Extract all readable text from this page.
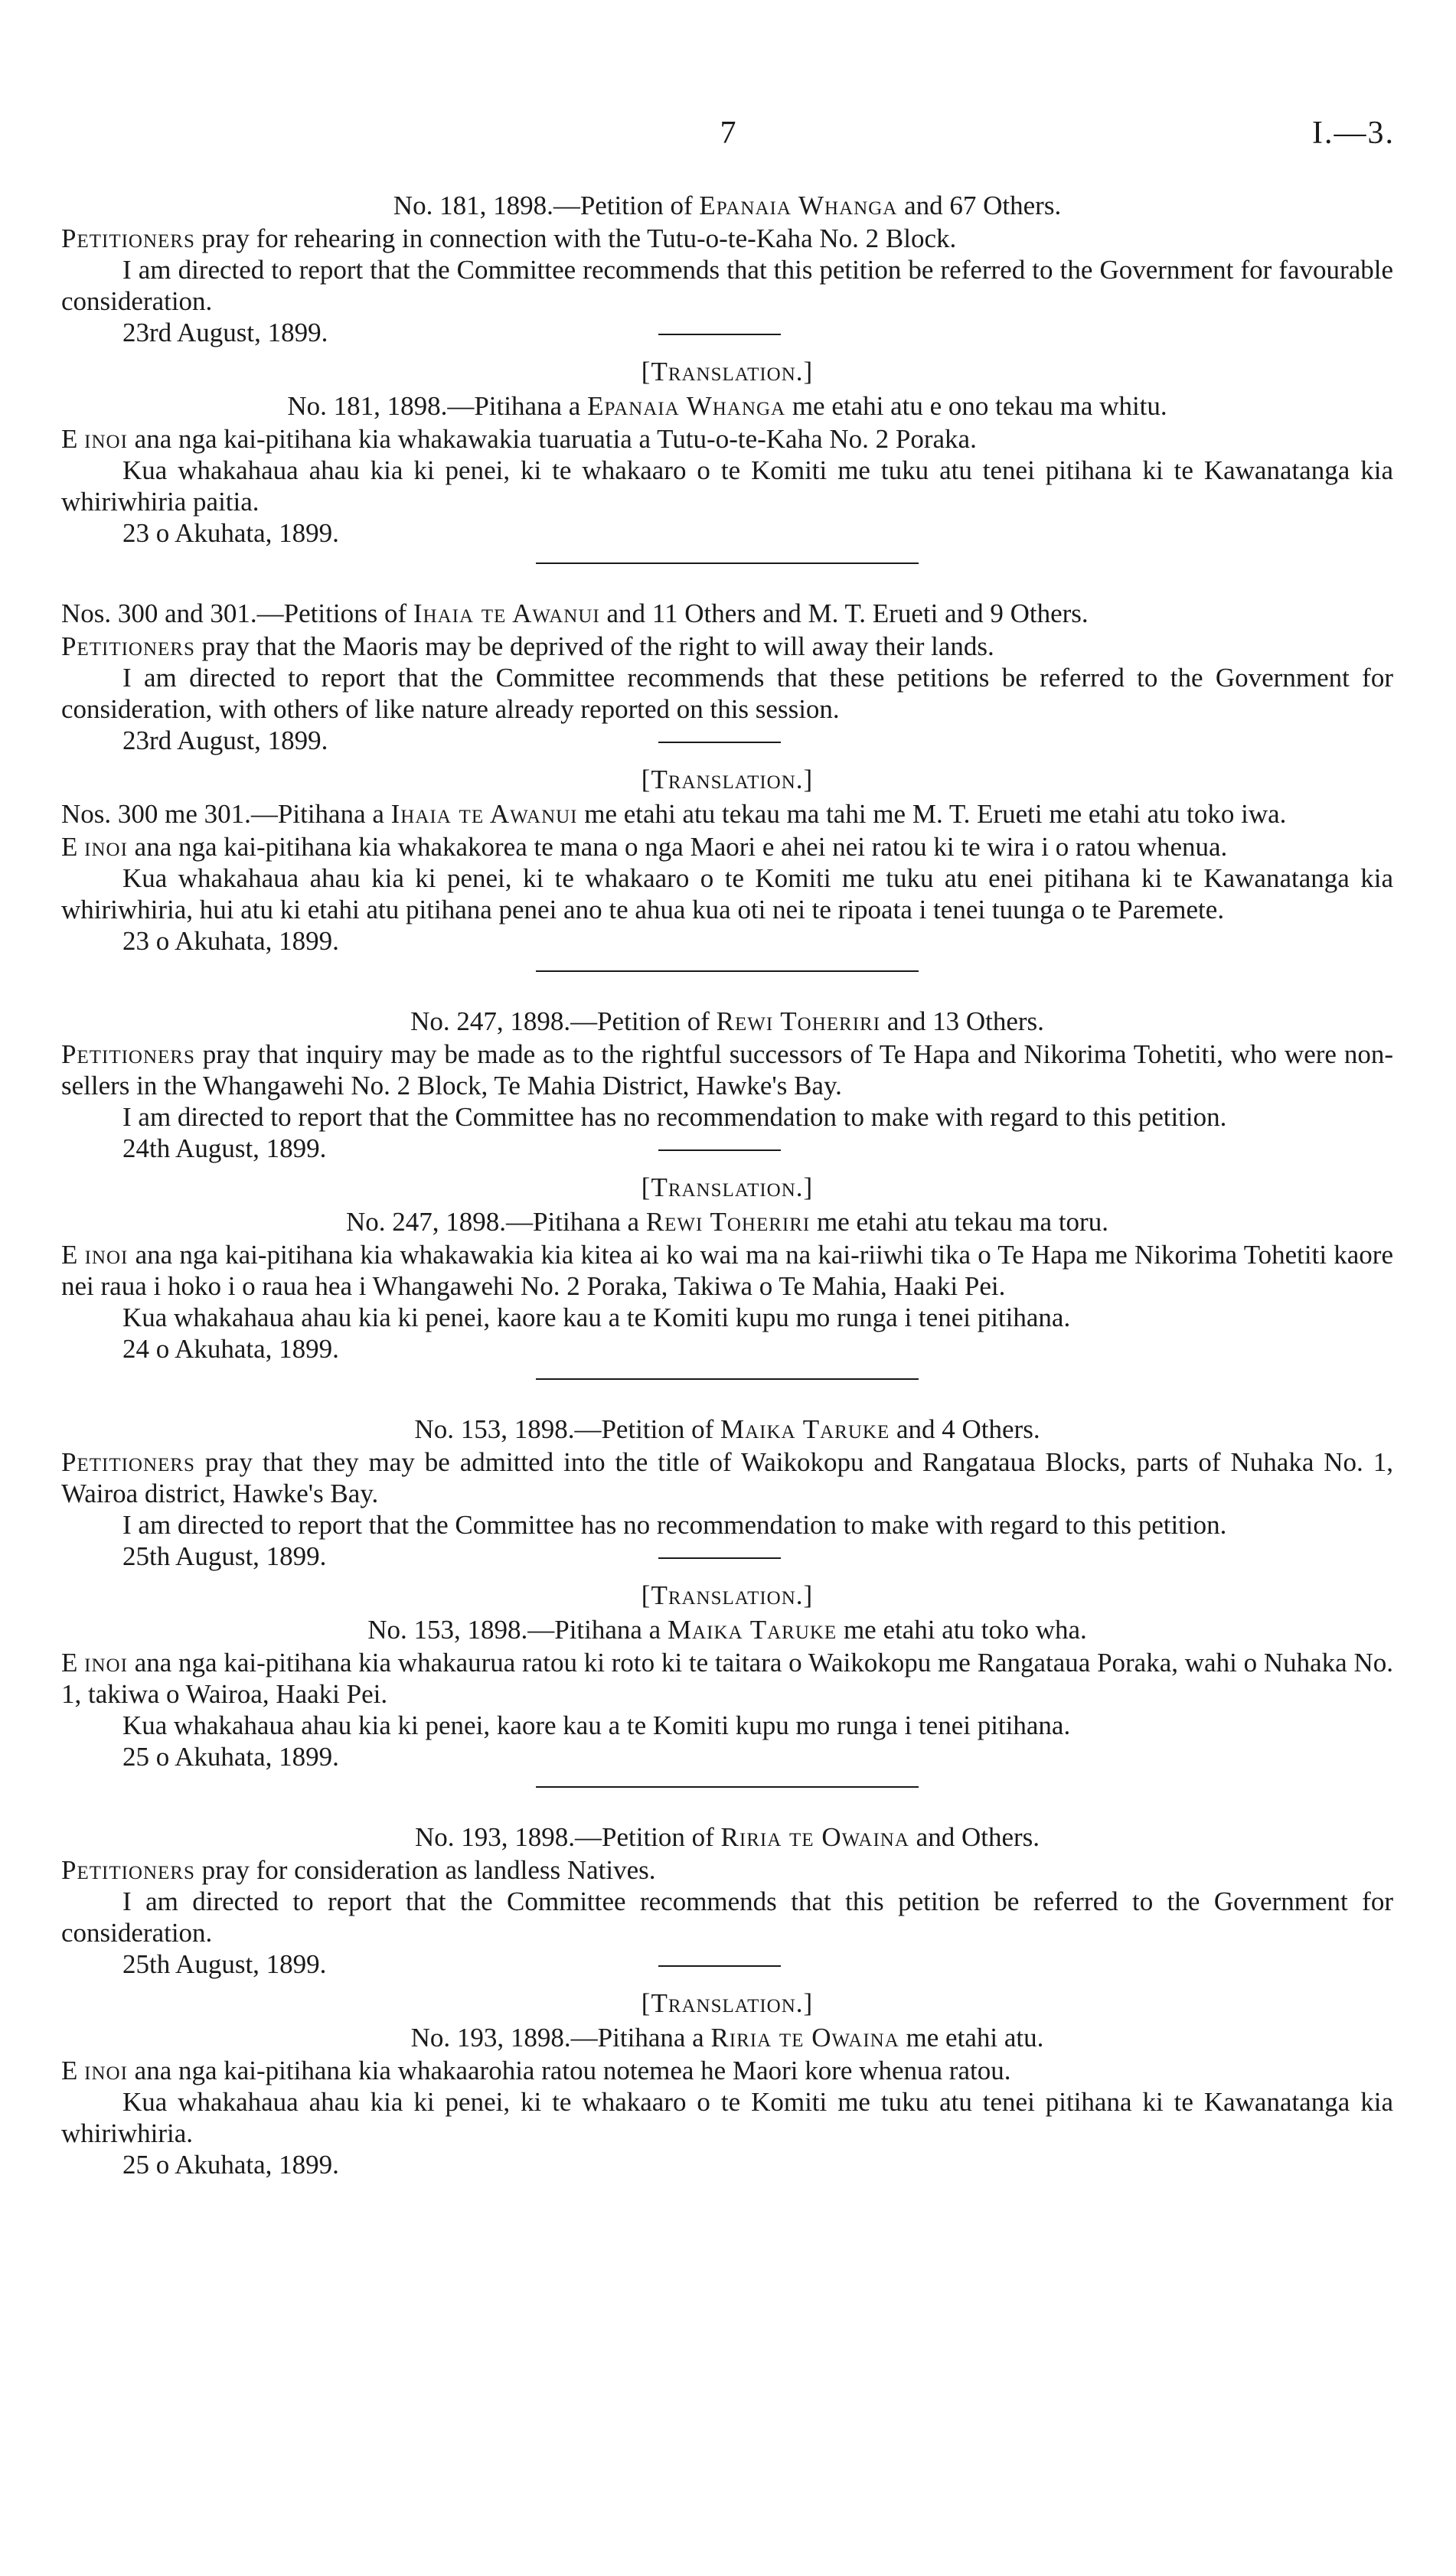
7	I.—3.

No. 181, 1898.—Petition of Epanaia Whanga and 67 Others.

Petitioners pray for rehearing in connection with the Tutu-o-te-Kaha No. 2 Block.

I am directed to report that the Committee recommends that this petition be referred to the Government for favourable consideration.

23rd August, 1899.

[Translation.]

No. 181, 1898.—Pitihana a Epanaia Whanga me etahi atu e ono tekau ma whitu.

E inoi ana nga kai-pitihana kia whakawakia tuaruatia a Tutu-o-te-Kaha No. 2 Poraka.

Kua whakahaua ahau kia ki penei, ki te whakaaro o te Komiti me tuku atu tenei pitihana ki te Kawanatanga kia whiriwhiria paitia.

23 o Akuhata, 1899.

Nos. 300 and 301.—Petitions of Ihaia te Awanui and 11 Others and M. T. Erueti and 9 Others.

Petitioners pray that the Maoris may be deprived of the right to will away their lands.

I am directed to report that the Committee recommends that these petitions be referred to the Government for consideration, with others of like nature already reported on this session.

23rd August, 1899.

[Translation.]

Nos. 300 me 301.—Pitihana a Ihaia te Awanui me etahi atu tekau ma tahi me M. T. Erueti me etahi atu toko iwa.

E inoi ana nga kai-pitihana kia whakakorea te mana o nga Maori e ahei nei ratou ki te wira i o ratou whenua.

Kua whakahaua ahau kia ki penei, ki te whakaaro o te Komiti me tuku atu enei pitihana ki te Kawanatanga kia whiriwhiria, hui atu ki etahi atu pitihana penei ano te ahua kua oti nei te ripoata i tenei tuunga o te Paremete.

23 o Akuhata, 1899.

No. 247, 1898.—Petition of Rewi Toheriri and 13 Others.

Petitioners pray that inquiry may be made as to the rightful successors of Te Hapa and Nikorima Tohetiti, who were non-sellers in the Whangawehi No. 2 Block, Te Mahia District, Hawke's Bay.

I am directed to report that the Committee has no recommendation to make with regard to this petition.

24th August, 1899.

[Translation.]

No. 247, 1898.—Pitihana a Rewi Toheriri me etahi atu tekau ma toru.

E inoi ana nga kai-pitihana kia whakawakia kia kitea ai ko wai ma na kai-riiwhi tika o Te Hapa me Nikorima Tohetiti kaore nei raua i hoko i o raua hea i Whangawehi No. 2 Poraka, Takiwa o Te Mahia, Haaki Pei.

Kua whakahaua ahau kia ki penei, kaore kau a te Komiti kupu mo runga i tenei pitihana.

24 o Akuhata, 1899.

No. 153, 1898.—Petition of Maika Taruke and 4 Others.

Petitioners pray that they may be admitted into the title of Waikokopu and Rangataua Blocks, parts of Nuhaka No. 1, Wairoa district, Hawke's Bay.

I am directed to report that the Committee has no recommendation to make with regard to this petition.

25th August, 1899.

[Translation.]

No. 153, 1898.—Pitihana a Maika Taruke me etahi atu toko wha.

E inoi ana nga kai-pitihana kia whakaurua ratou ki roto ki te taitara o Waikokopu me Rangataua Poraka, wahi o Nuhaka No. 1, takiwa o Wairoa, Haaki Pei.

Kua whakahaua ahau kia ki penei, kaore kau a te Komiti kupu mo runga i tenei pitihana.

25 o Akuhata, 1899.

No. 193, 1898.—Petition of Riria te Owaina and Others.

Petitioners pray for consideration as landless Natives.

I am directed to report that the Committee recommends that this petition be referred to the Government for consideration.

25th August, 1899.

[Translation.]

No. 193, 1898.—Pitihana a Riria te Owaina me etahi atu.

E inoi ana nga kai-pitihana kia whakaarohia ratou notemea he Maori kore whenua ratou.

Kua whakahaua ahau kia ki penei, ki te whakaaro o te Komiti me tuku atu tenei pitihana ki te Kawanatanga kia whiriwhiria.

25 o Akuhata, 1899.
